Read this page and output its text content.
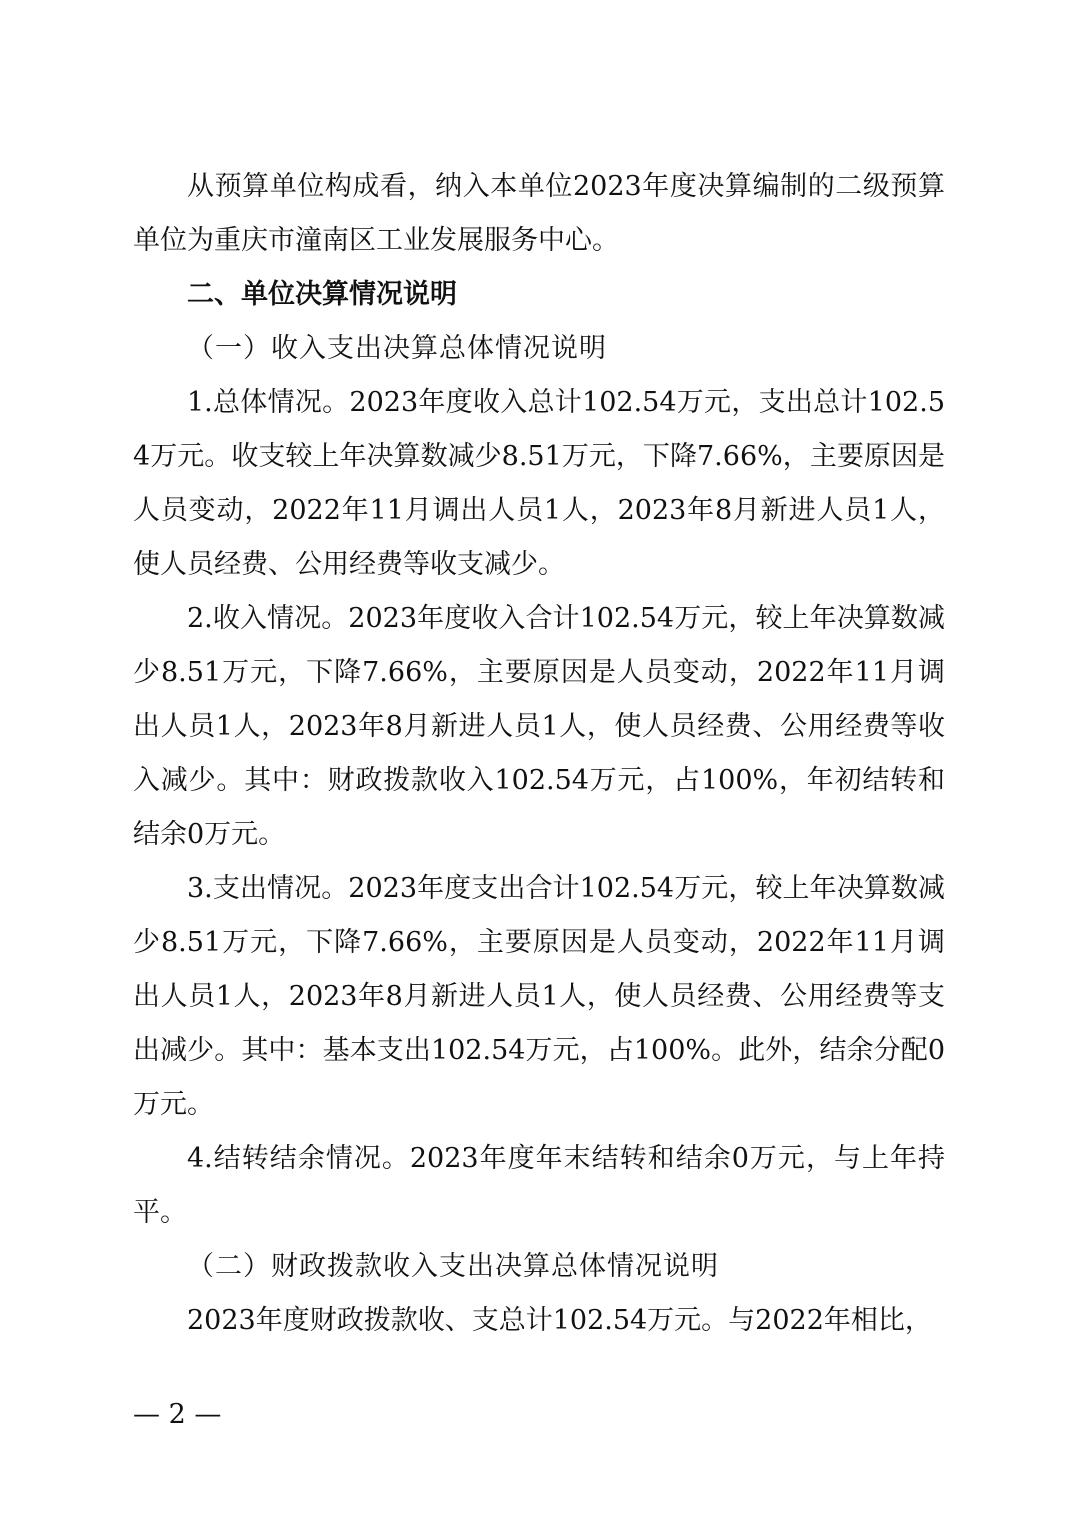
从预算单位构成看，纳入本单位2023年度决算编制的二级预算单位为重庆市潼南区工业发展服务中心。

二、单位决算情况说明

（一）收入支出决算总体情况说明

1.总体情况。2023年度收入总计102.54万元，支出总计102.54万元。收支较上年决算数减少8.51万元，下降7.66%，主要原因是人员变动，2022年11月调出人员1人，2023年8月新进人员1人，使人员经费、公用经费等收支减少。

2.收入情况。2023年度收入合计102.54万元，较上年决算数减少8.51万元，下降7.66%，主要原因是人员变动，2022年11月调出人员1人，2023年8月新进人员1人，使人员经费、公用经费等收入减少。其中：财政拨款收入102.54万元，占100%，年初结转和结余0万元。

3.支出情况。2023年度支出合计102.54万元，较上年决算数减少8.51万元，下降7.66%，主要原因是人员变动，2022年11月调出人员1人，2023年8月新进人员1人，使人员经费、公用经费等支出减少。其中：基本支出102.54万元，占100%。此外，结余分配0万元。

4.结转结余情况。2023年度年末结转和结余0万元，与上年持平。

（二）财政拨款收入支出决算总体情况说明

2023年度财政拨款收、支总计102.54万元。与2022年相比，

— 2 —
